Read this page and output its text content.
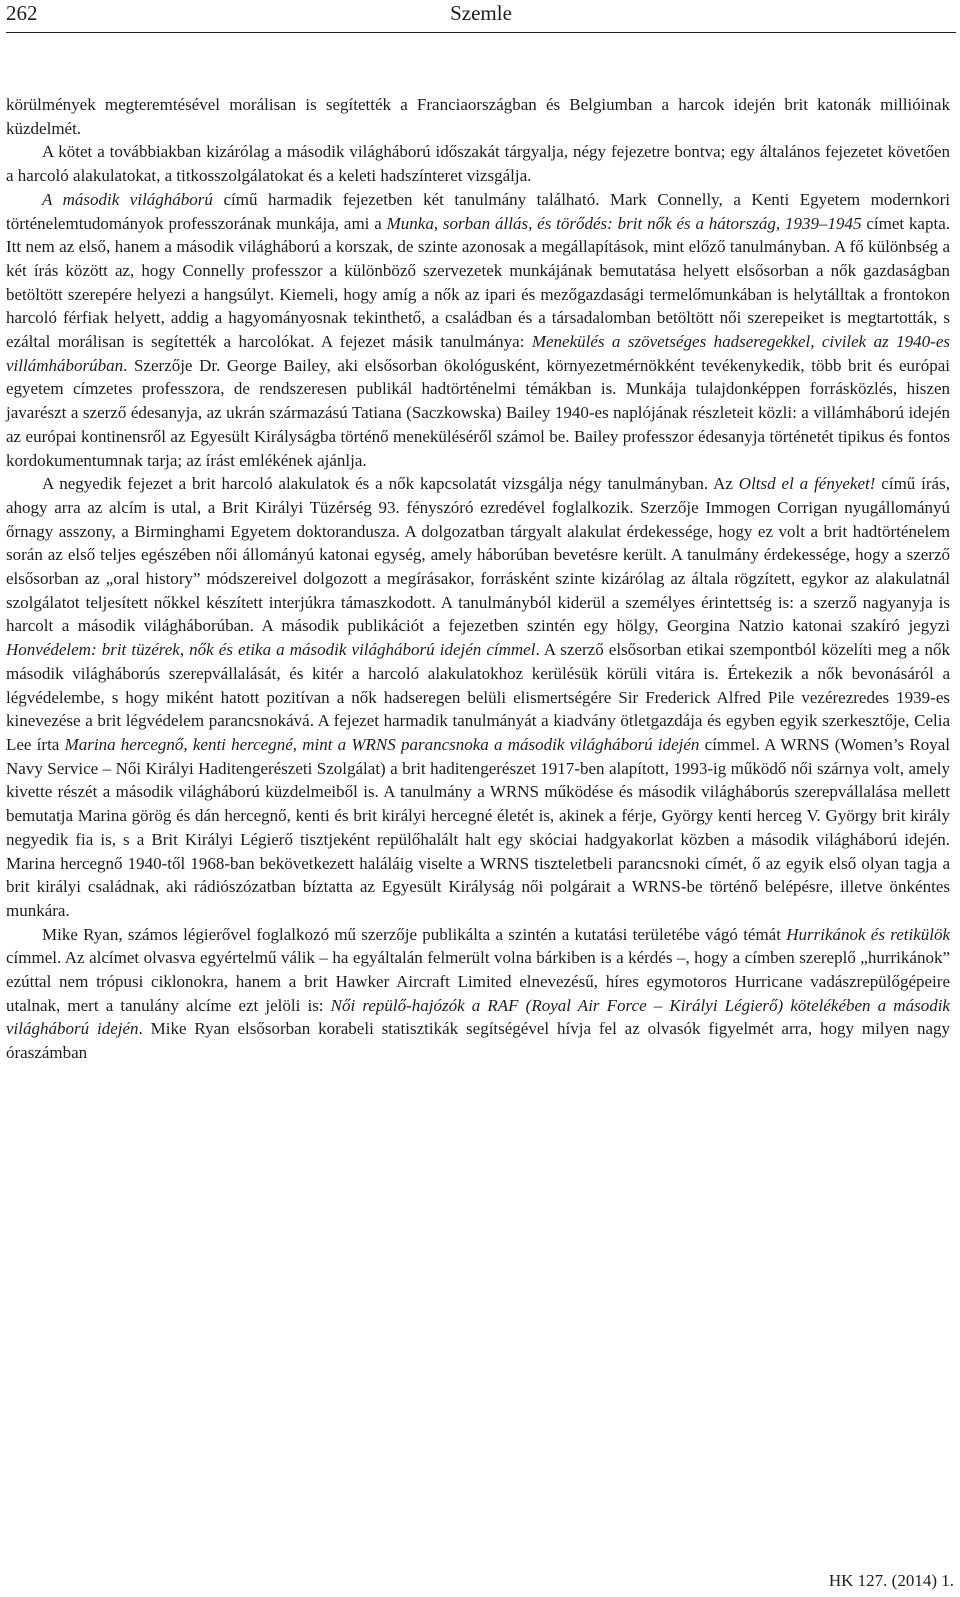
262	Szemle

körülmények megteremtésével morálisan is segítették a Franciaországban és Belgiumban a harcok idején brit katonák millióinak küzdelmét.

A kötet a továbbiakban kizárólag a második világháború időszakát tárgyalja, négy fejezetre bontva; egy általános fejezetet követően a harcoló alakulatokat, a titkosszolgálatokat és a keleti hadszínteret vizsgálja.

A második világháború című harmadik fejezetben két tanulmány található. Mark Connelly, a Kenti Egyetem modernkori történelemtudományok professzorának munkája, ami a Munka, sorban állás, és törődés: brit nők és a hátország, 1939–1945 címet kapta. Itt nem az első, hanem a második világháború a korszak, de szinte azonosak a megállapítások, mint előző tanulmányban. A fő különbség a két írás között az, hogy Connelly professzor a különböző szervezetek munkájának bemutatása helyett elsősorban a nők gazdaságban betöltött szerepére helyezi a hangsúlyt. Kiemeli, hogy amíg a nők az ipari és mezőgazdasági termelőmunkában is helytálltak a frontokon harcoló férfiak helyett, addig a hagyományosnak tekinthető, a családban és a társadalomban betöltött női szerepeiket is megtartották, s ezáltal morálisan is segítették a harcolókat. A fejezet másik tanulmánya: Menekülés a szövetséges hadseregekkel, civilek az 1940-es villámháborúban. Szerzője Dr. George Bailey, aki elsősorban ökológusként, környezetmérnökként tevékenykedik, több brit és európai egyetem címzetes professzora, de rendszeresen publikál hadtörténelmi témákban is. Munkája tulajdonképpen forrásközlés, hiszen javarészt a szerző édesanyja, az ukrán származású Tatiana (Saczkowska) Bailey 1940-es naplójának részleteit közli: a villámháború idején az európai kontinensről az Egyesült Királyságba történő meneküléséről számol be. Bailey professzor édesanyja történetét tipikus és fontos kordokumentumnak tarja; az írást emlékének ajánlja.

A negyedik fejezet a brit harcoló alakulatok és a nők kapcsolatát vizsgálja négy tanulmányban. Az Oltsd el a fényeket! című írás, ahogy arra az alcím is utal, a Brit Királyi Tüzérség 93. fényszóró ezredével foglalkozik. Szerzője Immogen Corrigan nyugállományú őrnagy asszony, a Birminghami Egyetem doktorandusza. A dolgozatban tárgyalt alakulat érdekessége, hogy ez volt a brit hadtörténelem során az első teljes egészében női állományú katonai egység, amely háborúban bevetésre került. A tanulmány érdekessége, hogy a szerző elsősorban az „oral history” módszereivel dolgozott a megírásakor, forrásként szinte kizárólag az általa rögzített, egykor az alakulatnál szolgálatot teljesített nőkkel készített interjúkra támaszkodott. A tanulmányból kiderül a személyes érintettség is: a szerző nagyanyja is harcolt a második világháborúban. A második publikációt a fejezetben szintén egy hölgy, Georgina Natzio katonai szakíró jegyzi Honvédelem: brit tüzérek, nők és etika a második világháború idején címmel. A szerző elsősorban etikai szempontból közelíti meg a nők második világháborús szerepvállalását, és kitér a harcoló alakulatokhoz kerülésük körüli vitára is. Értekezik a nők bevonásáról a légvédelembe, s hogy miként hatott pozitívan a nők hadseregen belüli elismertségére Sir Frederick Alfred Pile vezérezredes 1939-es kinevezése a brit légvédelem parancsnokává. A fejezet harmadik tanulmányát a kiadvány ötletgazdája és egyben egyik szerkesztője, Celia Lee írta Marina hercegnő, kenti hercegné, mint a WRNS parancsnoka a második világháború idején címmel. A WRNS (Women’s Royal Navy Service – Női Királyi Haditengerészeti Szolgálat) a brit haditengerészet 1917-ben alapított, 1993-ig működő női szárnya volt, amely kivette részét a második világháború küzdelmeiből is. A tanulmány a WRNS működése és második világháborús szerepvállalása mellett bemutatja Marina görög és dán hercegnő, kenti és brit királyi hercegné életét is, akinek a férje, György kenti herceg V. György brit király negyedik fia is, s a Brit Királyi Légierő tisztjeként repülőhalált halt egy skóciai hadgyakorlat közben a második világháború idején. Marina hercegnő 1940-től 1968-ban bekövetkezett haláláig viselte a WRNS tiszteletbeli parancsnoki címét, ő az egyik első olyan tagja a brit királyi családnak, aki rádiószózatban bíztatta az Egyesült Királyság női polgárait a WRNS-be történő belépésre, illetve önkéntes munkára.

Mike Ryan, számos légierővel foglalkozó mű szerzője publikálta a szintén a kutatási területébe vágó témát Hurrikánok és retikülök címmel. Az alcímet olvasva egyértelmű válik – ha egyáltalán felmerült volna bárkiben is a kérdés –, hogy a címben szereplő „hurrikánok” ezúttal nem trópusi ciklonokra, hanem a brit Hawker Aircraft Limited elnevezésű, híres egymotoros Hurricane vadászrepülőgépeire utalnak, mert a tanulány alcíme ezt jelöli is: Női repülő-hajózók a RAF (Royal Air Force – Királyi Légierő) kötelékében a második világháború idején. Mike Ryan elsősorban korabeli statisztikák segítségével hívja fel az olvasók figyelmét arra, hogy milyen nagy óraszámban

HK 127. (2014) 1.
